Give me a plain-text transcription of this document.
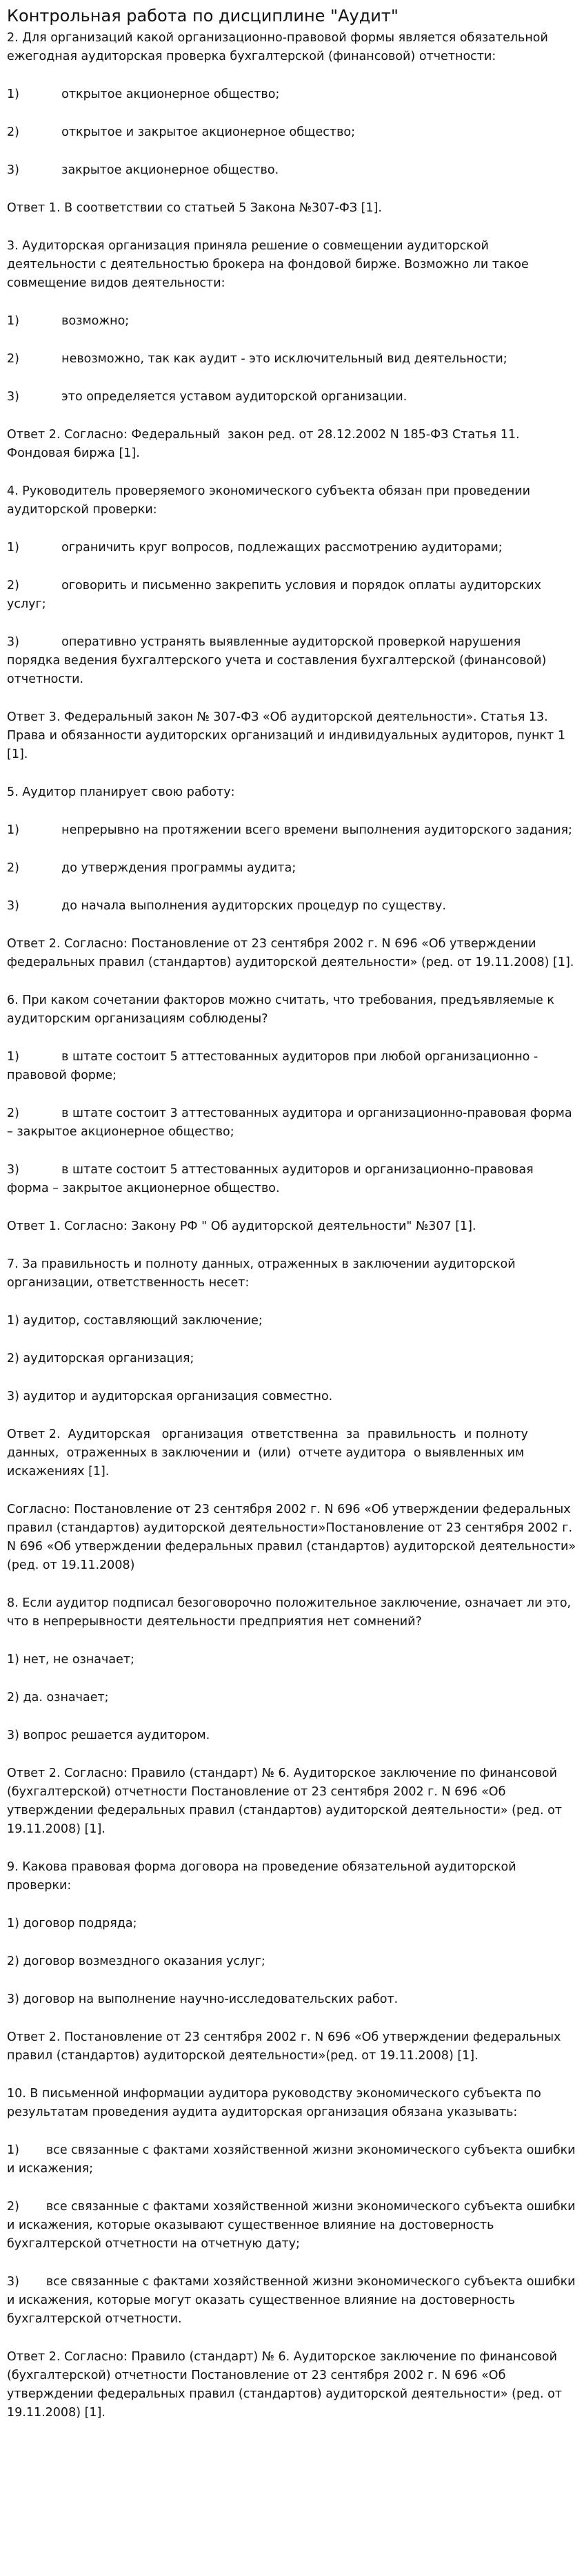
Контрольная работа по дисциплине "Аудит"

2. Для организаций какой организационно-правовой формы является обязательной ежегодная аудиторская проверка бухгалтерской (финансовой) отчетности:

1)           открытое акционерное общество;

2)           открытое и закрытое акционерное общество;

3)           закрытое акционерное общество.

Ответ 1. В соответствии со статьей 5 Закона №307-ФЗ [1].

3. Аудиторская организация приняла решение о совмещении аудиторской деятельности с деятельностью брокера на фондовой бирже. Возможно ли такое совмещение видов деятельности:

1)           возможно;

2)           невозможно, так как аудит - это исключительный вид деятельности;

3)           это определяется уставом аудиторской организации.

Ответ 2. Согласно: Федеральный  закон ред. от 28.12.2002 N 185-ФЗ Статья 11. Фондовая биржа [1].

4. Руководитель проверяемого экономического субъекта обязан при проведении аудиторской проверки:

1)           ограничить круг вопросов, подлежащих рассмотрению аудиторами;

2)           оговорить и письменно закрепить условия и порядок оплаты аудиторских услуг;

3)           оперативно устранять выявленные аудиторской проверкой нарушения порядка ведения бухгалтерского учета и составления бухгалтерской (финансовой) отчетности.

Ответ 3. Федеральный закон № 307-ФЗ «Об аудиторской деятельности». Статья 13. Права и обязанности аудиторских организаций и индивидуальных аудиторов, пункт 1 [1].

5. Аудитор планирует свою работу:

1)           непрерывно на протяжении всего времени выполнения аудиторского задания;

2)           до утверждения программы аудита;

3)           до начала выполнения аудиторских процедур по существу.

Ответ 2. Согласно: Постановление от 23 сентября 2002 г. N 696 «Об утверждении федеральных правил (стандартов) аудиторской деятельности» (ред. от 19.11.2008) [1].

6. При каком сочетании факторов можно считать, что требования, предъявляемые к аудиторским организациям соблюдены?

1)           в штате состоит 5 аттестованных аудиторов при любой организационно - правовой форме;

2)           в штате состоит 3 аттестованных аудитора и организационно-правовая форма – закрытое акционерное общество;

3)           в штате состоит 5 аттестованных аудиторов и организационно-правовая форма – закрытое акционерное общество.

Ответ 1. Согласно: Закону РФ " Об аудиторской деятельности" №307 [1].

7. За правильность и полноту данных, отраженных в заключении аудиторской организации, ответственность несет:

1) аудитор, составляющий заключение;

2) аудиторская организация;

3) аудитор и аудиторская организация совместно.

Ответ 2.  Аудиторская   организация  ответственна  за  правильность  и полноту данных,  отраженных в заключении и  (или)  отчете аудитора  о выявленных им искажениях [1].

Согласно: Постановление от 23 сентября 2002 г. N 696 «Об утверждении федеральных правил (стандартов) аудиторской деятельности»Постановление от 23 сентября 2002 г. N 696 «Об утверждении федеральных правил (стандартов) аудиторской деятельности» (ред. от 19.11.2008)

8. Если аудитор подписал безоговорочно положительное заключение, означает ли это, что в непрерывности деятельности предприятия нет сомнений?

1) нет, не означает;

2) да. означает;

3) вопрос решается аудитором.

Ответ 2. Согласно: Правило (стандарт) № 6. Аудиторское заключение по финансовой (бухгалтерской) отчетности Постановление от 23 сентября 2002 г. N 696 «Об утверждении федеральных правил (стандартов) аудиторской деятельности» (ред. от 19.11.2008) [1].

9. Какова правовая форма договора на проведение обязательной аудиторской проверки:

1) договор подряда;

2) договор возмездного оказания услуг;

3) договор на выполнение научно-исследовательских работ.

Ответ 2. Постановление от 23 сентября 2002 г. N 696 «Об утверждении федеральных правил (стандартов) аудиторской деятельности»(ред. от 19.11.2008) [1].

10. В письменной информации аудитора руководству экономического субъекта по результатам проведения аудита аудиторская организация обязана указывать:

1)       все связанные с фактами хозяйственной жизни экономического субъекта ошибки и искажения;

2)       все связанные с фактами хозяйственной жизни экономического субъекта ошибки и искажения, которые оказывают существенное влияние на достоверность бухгалтерской отчетности на отчетную дату;

3)       все связанные с фактами хозяйственной жизни экономического субъекта ошибки и искажения, которые могут оказать существенное влияние на достоверность бухгалтерской отчетности.

Ответ 2. Согласно: Правило (стандарт) № 6. Аудиторское заключение по финансовой (бухгалтерской) отчетности Постановление от 23 сентября 2002 г. N 696 «Об утверждении федеральных правил (стандартов) аудиторской деятельности» (ред. от 19.11.2008) [1].
